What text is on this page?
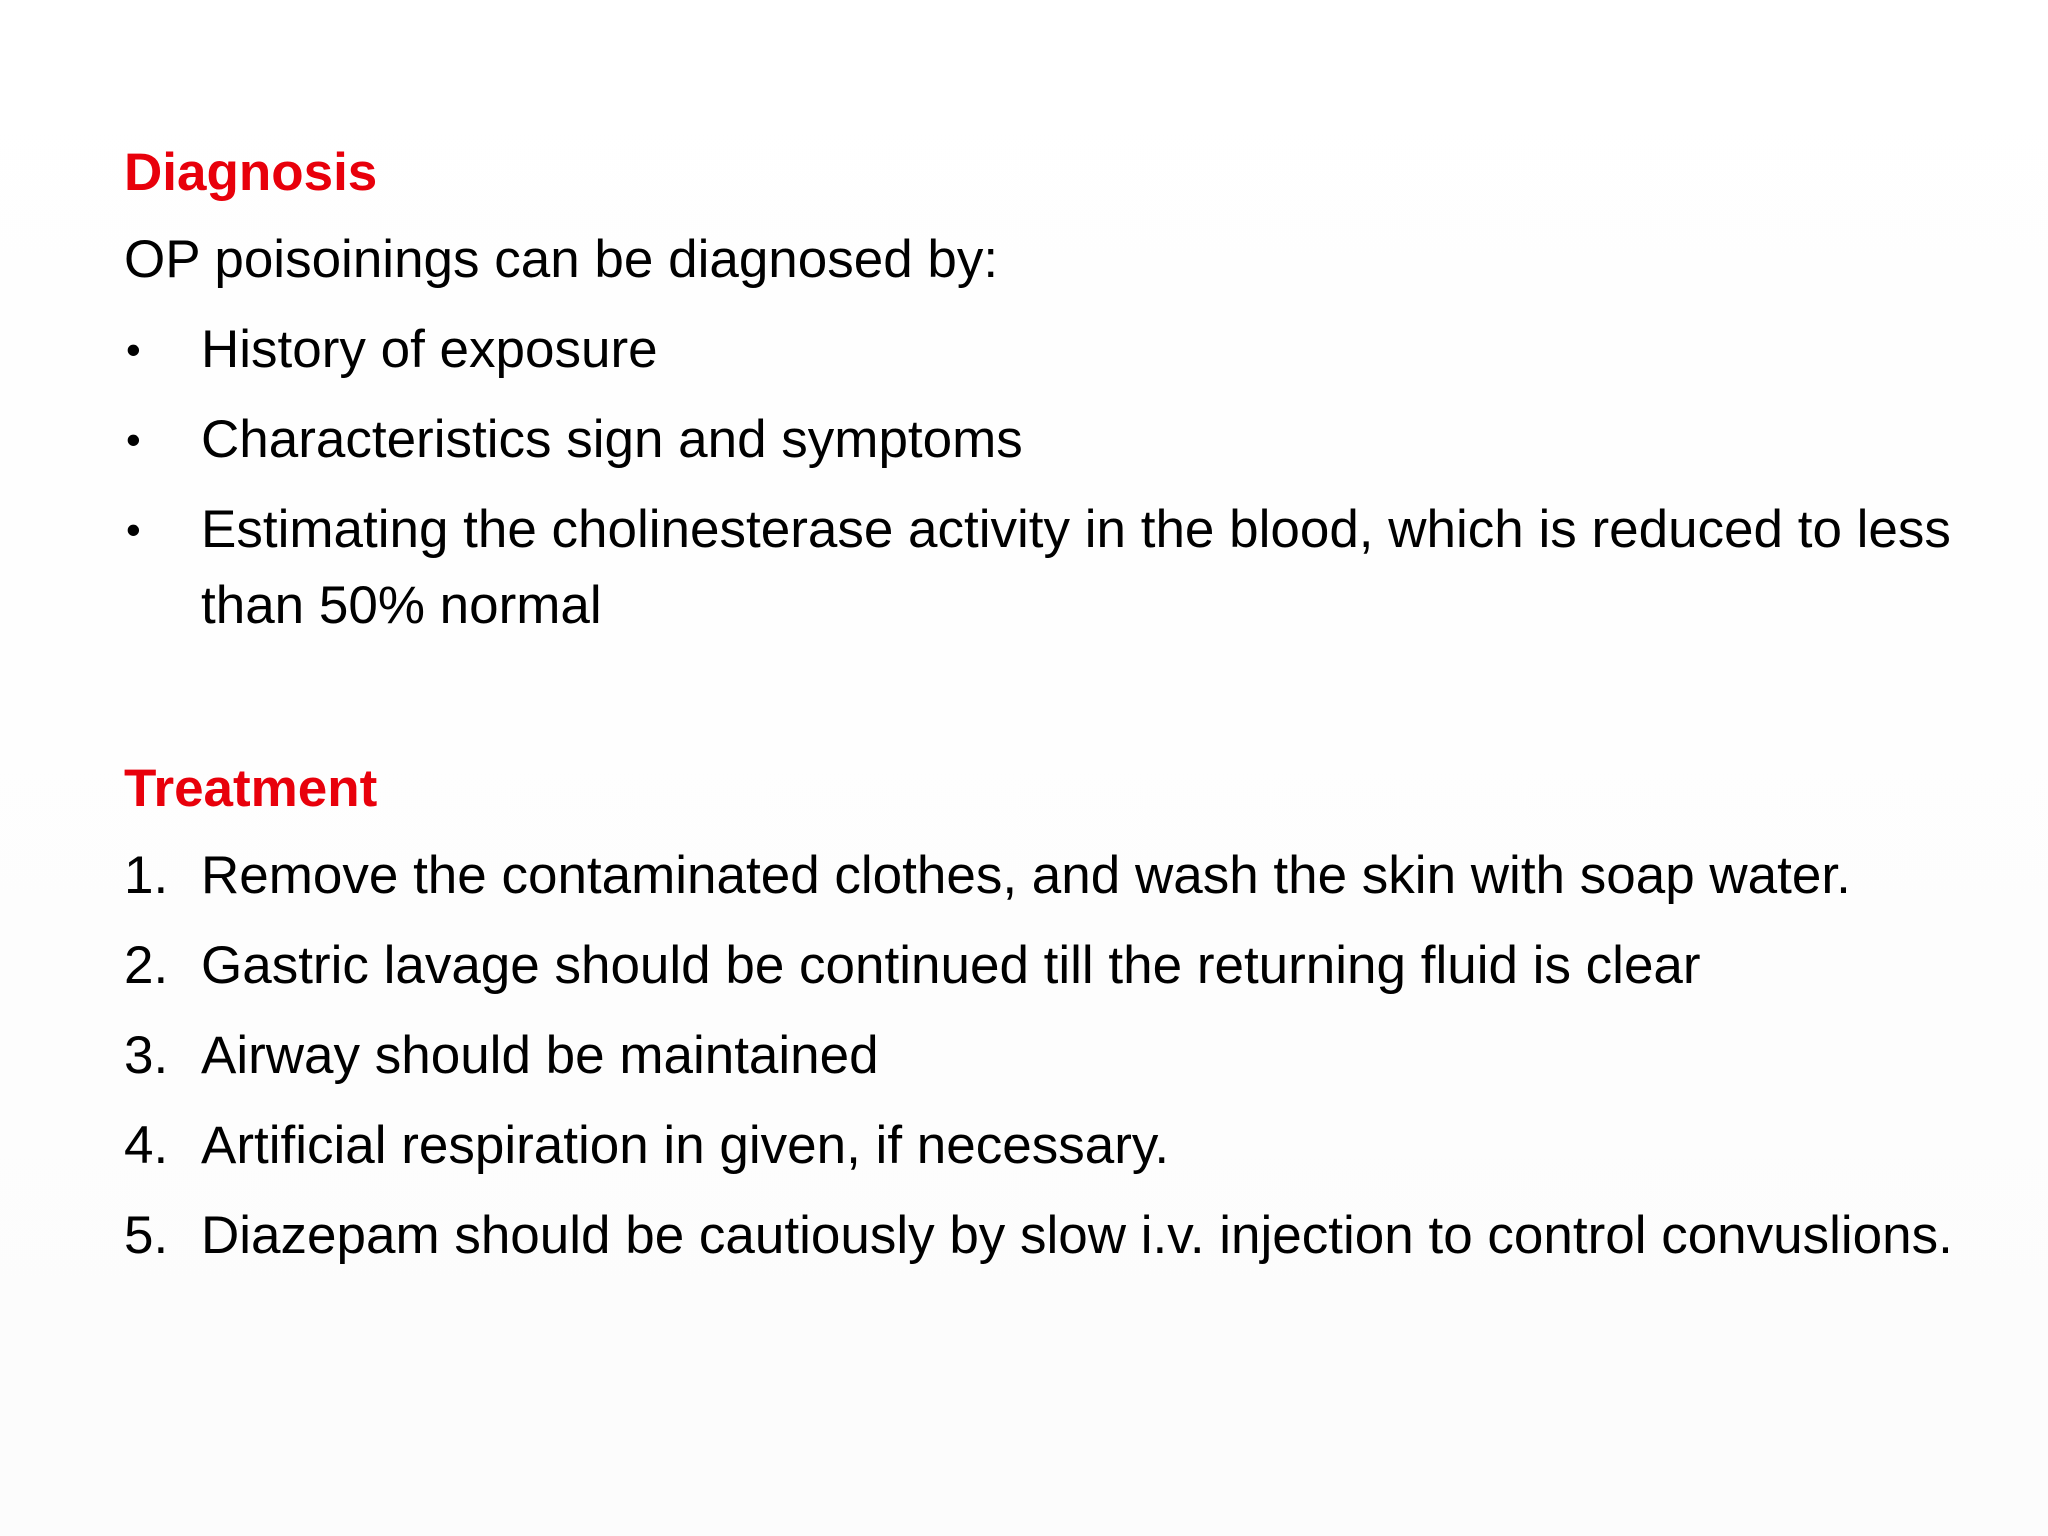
Diagnosis

OP poisoinings can be diagnosed by:

•	History of exposure
•	Characteristics sign and symptoms
•	Estimating the cholinesterase activity in the blood, which is reduced to less than 50% normal
Treatment
1. Remove the contaminated clothes, and wash the skin with soap water.
2. Gastric lavage should be continued till the returning fluid is clear
3. Airway should be maintained
4. Artificial respiration in given, if necessary.
5. Diazepam should be cautiously by slow i.v. injection to control convuslions.
